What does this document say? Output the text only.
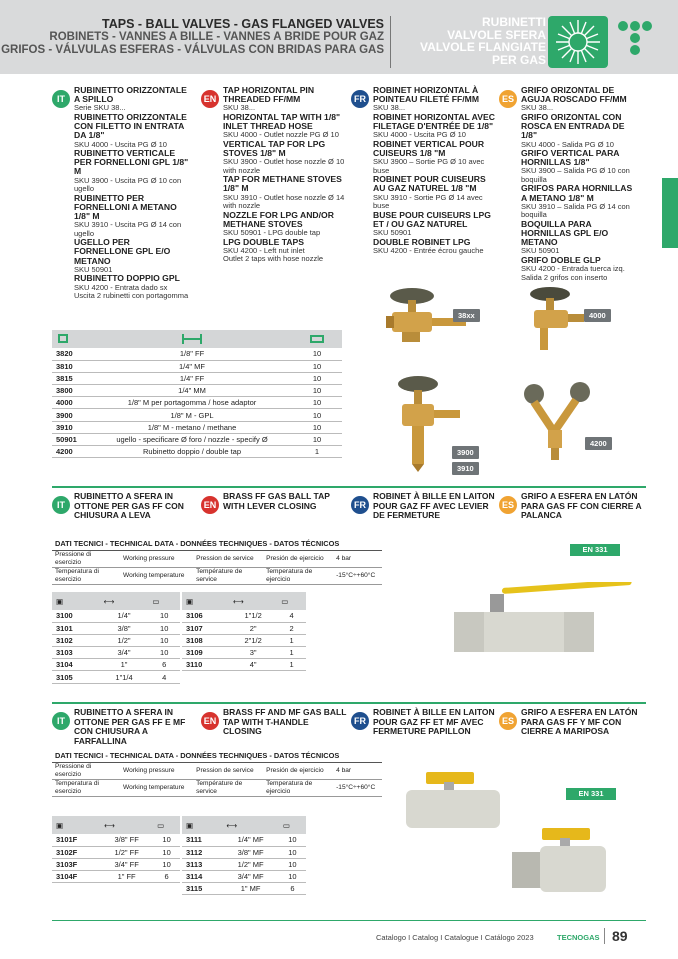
TAPS - BALL VALVES - GAS FLANGED VALVES
ROBINETS - VANNES A BILLE - VANNES A BRIDE POUR GAZ
GRIFOS - VÁLVULAS ESFERAS - VÁLVULAS CON BRIDAS PARA GAS
RUBINETTI
VALVOLE SFERA
VALVOLE FLANGIATE
PER GAS
IT
RUBINETTO ORIZZONTALE A SPILLO
Serie SKU 38...
RUBINETTO ORIZZONTALE CON FILETTO IN ENTRATA DA 1/8"
SKU 4000 - Uscita PG Ø 10
RUBINETTO VERTICALE PER FORNELLONI GPL 1/8" M
SKU 3900 - Uscita PG Ø 10 con ugello
RUBINETTO PER FORNELLONI A METANO 1/8" M
SKU 3910 - Uscita PG Ø 14 con ugello
UGELLO PER FORNELLONE GPL E/O METANO
SKU 50901
RUBINETTO DOPPIO GPL
SKU 4200 - Entrata dado sx
Uscita 2 rubinetti con portagomma
EN
TAP HORIZONTAL PIN THREADED FF/MM
SKU 38...
HORIZONTAL TAP WITH 1/8" INLET THREAD HOSE
SKU 4000 - Outlet nozzle PG Ø 10
VERTICAL TAP FOR LPG STOVES 1/8" M
SKU 3900 - Outlet hose nozzle Ø 10 with nozzle
TAP FOR METHANE STOVES 1/8" M
SKU 3910 - Outlet hose nozzle Ø 14 with nozzle
NOZZLE FOR LPG AND/OR METHANE STOVES
SKU 50901 - LPG double tap
LPG DOUBLE TAPS
SKU 4200 - Left nut inlet
Outlet 2 taps with hose nozzle
FR
ROBINET HORIZONTAL À POINTEAU FILETÉ FF/MM
SKU 38...
ROBINET HORIZONTAL AVEC FILETAGE D'ENTRÉE DE 1/8"
SKU 4000 - Uscita PG Ø 10
ROBINET VERTICAL POUR CUISEURS 1/8 "M
SKU 3900 – Sortie PG Ø 10 avec buse
ROBINET POUR CUISEURS AU GAZ NATUREL 1/8 "M
SKU 3910 - Sortie PG Ø 14 avec buse
BUSE POUR CUISEURS LPG ET / OU GAZ NATUREL
SKU 50901
DOUBLE ROBINET LPG
SKU 4200 - Entrée écrou gauche
ES
GRIFO ORIZONTAL DE AGUJA ROSCADO FF/MM
SKU 38...
GRIFO ORIZONTAL CON ROSCA EN ENTRADA DE 1/8"
SKU 4000 - Salida PG Ø 10
GRIFO VERTICAL PARA HORNILLAS 1/8"
SKU 3900 – Salida PG Ø 10 con boquilla
GRIFOS PARA HORNILLAS A METANO 1/8" M
SKU 3910 – Salida PG Ø 14 con boquilla
BOQUILLA PARA HORNILLAS GPL E/O METANO
SKU 50901
GRIFO DOBLE GLP
SKU 4200 - Entrada tuerca izq.
Salida 2 grifos con inserto

3820	1/8" FF	10
3810	1/4" MF	10
3815	1/4" FF	10
3800	1/4" MM	10
4000	1/8" M per portagomma / hose adaptor	10
3900	1/8" M - GPL	10
3910	1/8" M - metano / methane	10
50901	ugello - specificare Ø foro / nozzle - specify Ø	10
4200	Rubinetto doppio / double tap	1
38xx	4000
3900
3910
4200
IT
RUBINETTO A SFERA IN OTTONE PER GAS FF CON CHIUSURA A LEVA
EN
BRASS FF GAS BALL TAP WITH LEVER CLOSING	FR
ROBINET À BILLE EN LAITON POUR GAZ FF AVEC LEVIER DE FERMETURE
ES
GRIFO A ESFERA EN LATÓN PARA GAS FF CON CIERRE A PALANCA
DATI TECNICI - TECHNICAL DATA - DONNÉES TECHNIQUES - DATOS TÉCNICOS				
Pressione di esercizio	Working pressure	Pression de service	Presión de ejercicio	4 bar
Temperatura di esercizio	Working temperature	Température de service	Temperatura de ejercicio	-15°C÷+60°C
▣	⟷	▭
3100	1/4"	10
3101	3/8"	10
3102	1/2"	10
3103	3/4"	10
3104	1"	6
3105	1"1/4	4
▣	⟷	▭
3106	1"1/2	4
3107	2"	2
3108	2"1/2	1
3109	3"	1
3110	4"	1
EN 331
IT
RUBINETTO A SFERA IN OTTONE PER GAS FF E MF CON CHIUSURA A FARFALLINA
EN
BRASS FF AND MF GAS BALL TAP WITH T-HANDLE CLOSING
FR
ROBINET À BILLE EN LAITON POUR GAZ FF ET MF AVEC FERMETURE PAPILLON
ES
GRIFO A ESFERA EN LATÓN PARA GAS FF Y MF CON CIERRE A MARIPOSA
DATI TECNICI - TECHNICAL DATA - DONNÉES TECHNIQUES - DATOS TÉCNICOS				
Pressione di esercizio	Working pressure	Pression de service	Presión de ejercicio	4 bar
Temperatura di esercizio	Working temperature	Température de service	Temperatura de ejercicio	-15°C÷+60°C
▣	⟷	▭
3101F	3/8" FF	10
3102F	1/2" FF	10
3103F	3/4" FF	10
3104F	1" FF	6
▣	⟷	▭
3111	1/4" MF	10
3112	3/8" MF	10
3113	1/2" MF	10
3114	3/4" MF	10
3115	1" MF	6
EN 331
Catalogo I Catalog I Catalogue I Catálogo 2023	TECNOGAS 89
